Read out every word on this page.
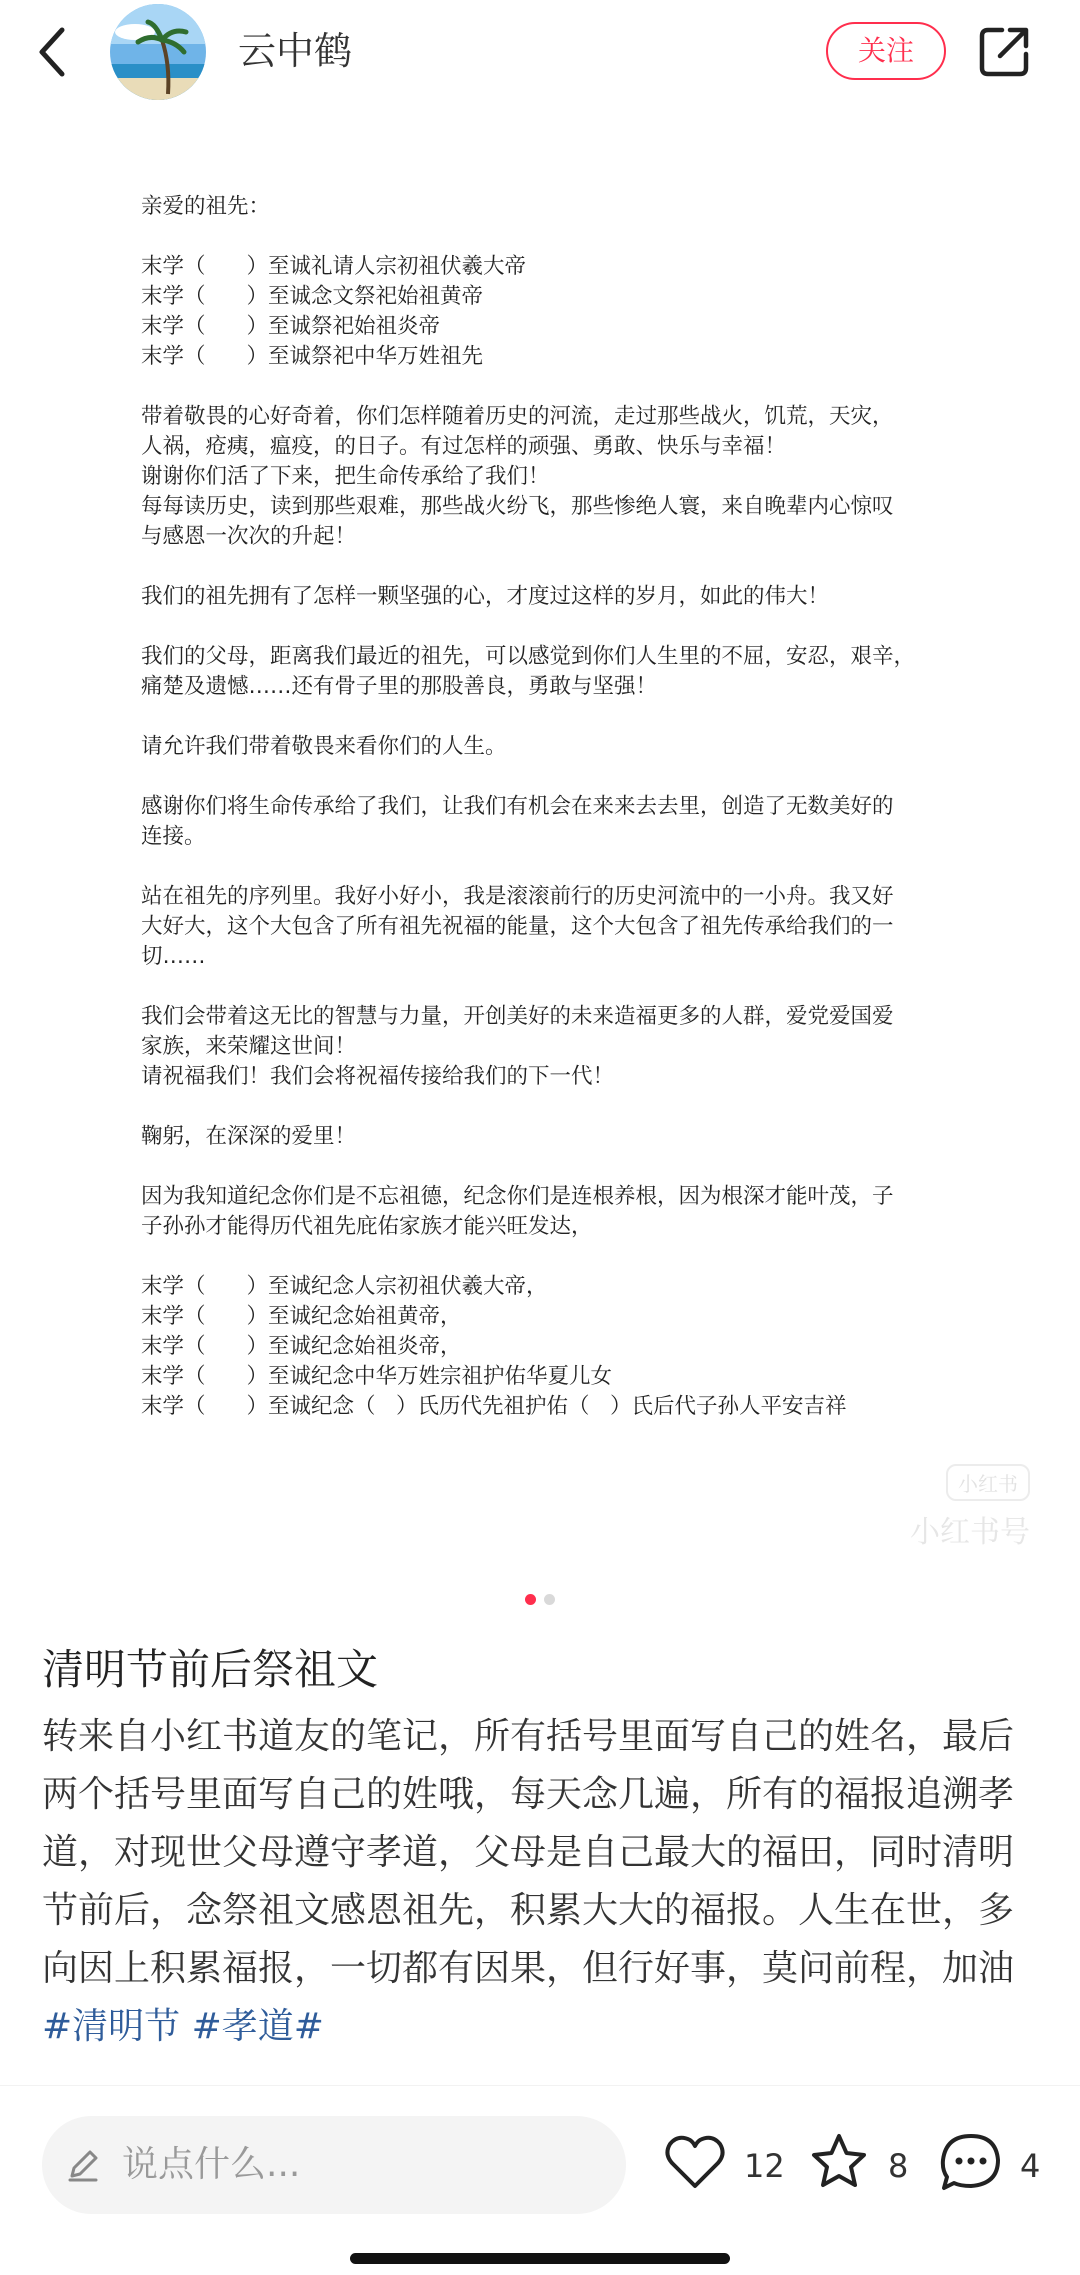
云中鹤	关注

亲爱的祖先：

末学（      ）至诚礼请人宗初祖伏羲大帝

末学（      ）至诚念文祭祀始祖黄帝

末学（      ）至诚祭祀始祖炎帝

末学（      ）至诚祭祀中华万姓祖先

带着敬畏的心好奇着，你们怎样随着历史的河流，走过那些战火，饥荒，天灾，

人祸，疮痍，瘟疫，的日子。有过怎样的顽强、勇敢、快乐与幸福！

谢谢你们活了下来，把生命传承给了我们！

每每读历史，读到那些艰难，那些战火纷飞，那些惨绝人寰，来自晚辈内心惊叹

与感恩一次次的升起！

我们的祖先拥有了怎样一颗坚强的心，才度过这样的岁月，如此的伟大！

我们的父母，距离我们最近的祖先，可以感觉到你们人生里的不屈，安忍，艰辛，

痛楚及遗憾……还有骨子里的那股善良，勇敢与坚强！

请允许我们带着敬畏来看你们的人生。

感谢你们将生命传承给了我们，让我们有机会在来来去去里，创造了无数美好的

连接。

站在祖先的序列里。我好小好小，我是滚滚前行的历史河流中的一小舟。我又好

大好大，这个大包含了所有祖先祝福的能量，这个大包含了祖先传承给我们的一

切……

我们会带着这无比的智慧与力量，开创美好的未来造福更多的人群，爱党爱国爱

家族，来荣耀这世间！

请祝福我们！我们会将祝福传接给我们的下一代！

鞠躬，在深深的爱里！

因为我知道纪念你们是不忘祖德，纪念你们是连根养根，因为根深才能叶茂，子

子孙孙才能得历代祖先庇佑家族才能兴旺发达，

末学（      ）至诚纪念人宗初祖伏羲大帝，

末学（      ）至诚纪念始祖黄帝，

末学（      ）至诚纪念始祖炎帝，

末学（      ）至诚纪念中华万姓宗祖护佑华夏儿女

末学（      ）至诚纪念（   ）氏历代先祖护佑（   ）氏后代子孙人平安吉祥

小红书
小红书号
清明节前后祭祖文
转来自小红书道友的笔记，所有括号里面写自己的姓名，最后两个括号里面写自己的姓哦，每天念几遍，所有的福报追溯孝道，对现世父母遵守孝道，父母是自己最大的福田，同时清明节前后，念祭祖文感恩祖先，积累大大的福报。人生在世，多向因上积累福报，一切都有因果，但行好事，莫问前程，加油#清明节 #孝道#
说点什么...	12	8	4
